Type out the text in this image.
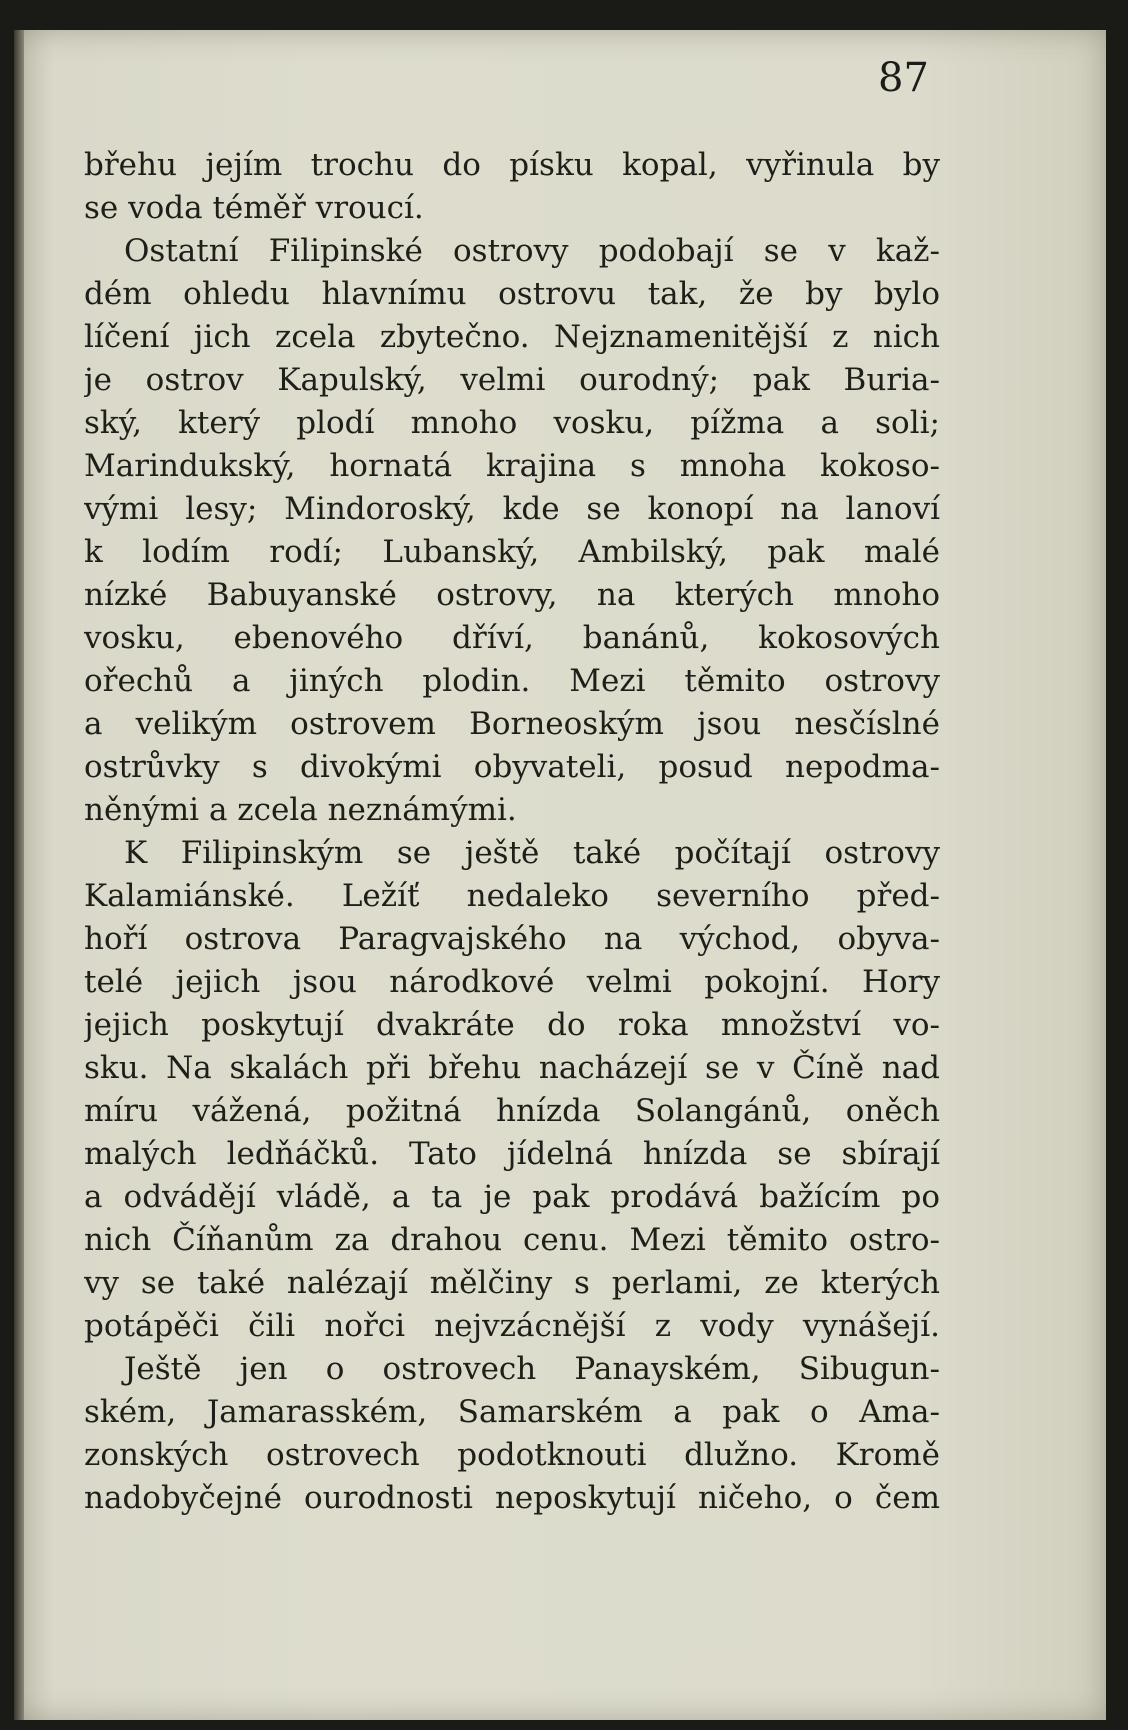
87
břehu jejím trochu do písku kopal, vyřinula by
se voda téměř vroucí.
Ostatní Filipinské ostrovy podobají se v kaž-
dém ohledu hlavnímu ostrovu tak, že by bylo
líčení jich zcela zbytečno. Nejznamenitější z nich
je ostrov Kapulský, velmi ourodný; pak Buria-
ský, který plodí mnoho vosku, pížma a soli;
Marindukský, hornatá krajina s mnoha kokoso-
vými lesy; Mindoroský, kde se konopí na lanoví
k lodím rodí; Lubanský, Ambilský, pak malé
nízké Babuyanské ostrovy, na kterých mnoho
vosku, ebenového dříví, banánů, kokosových
ořechů a jiných plodin. Mezi těmito ostrovy
a velikým ostrovem Borneoským jsou nesčíslné
ostrůvky s divokými obyvateli, posud nepodma-
něnými a zcela neznámými.
K Filipinským se ještě také počítají ostrovy
Kalamiánské. Ležíť nedaleko severního před-
hoří ostrova Paragvajského na východ, obyva-
telé jejich jsou národkové velmi pokojní. Hory
jejich poskytují dvakráte do roka množství vo-
sku. Na skalách při břehu nacházejí se v Číně nad
míru vážená, požitná hnízda Solangánů, oněch
malých ledňáčků. Tato jídelná hnízda se sbírají
a odvádějí vládě, a ta je pak prodává bažícím po
nich Číňanům za drahou cenu. Mezi těmito ostro-
vy se také nalézají mělčiny s perlami, ze kterých
potápěči čili nořci nejvzácnější z vody vynášejí.
Ještě jen o ostrovech Panayském, Sibugun-
ském, Jamarasském, Samarském a pak o Ama-
zonských ostrovech podotknouti dlužno. Kromě
nadobyčejné ourodnosti neposkytují ničeho, o čem
